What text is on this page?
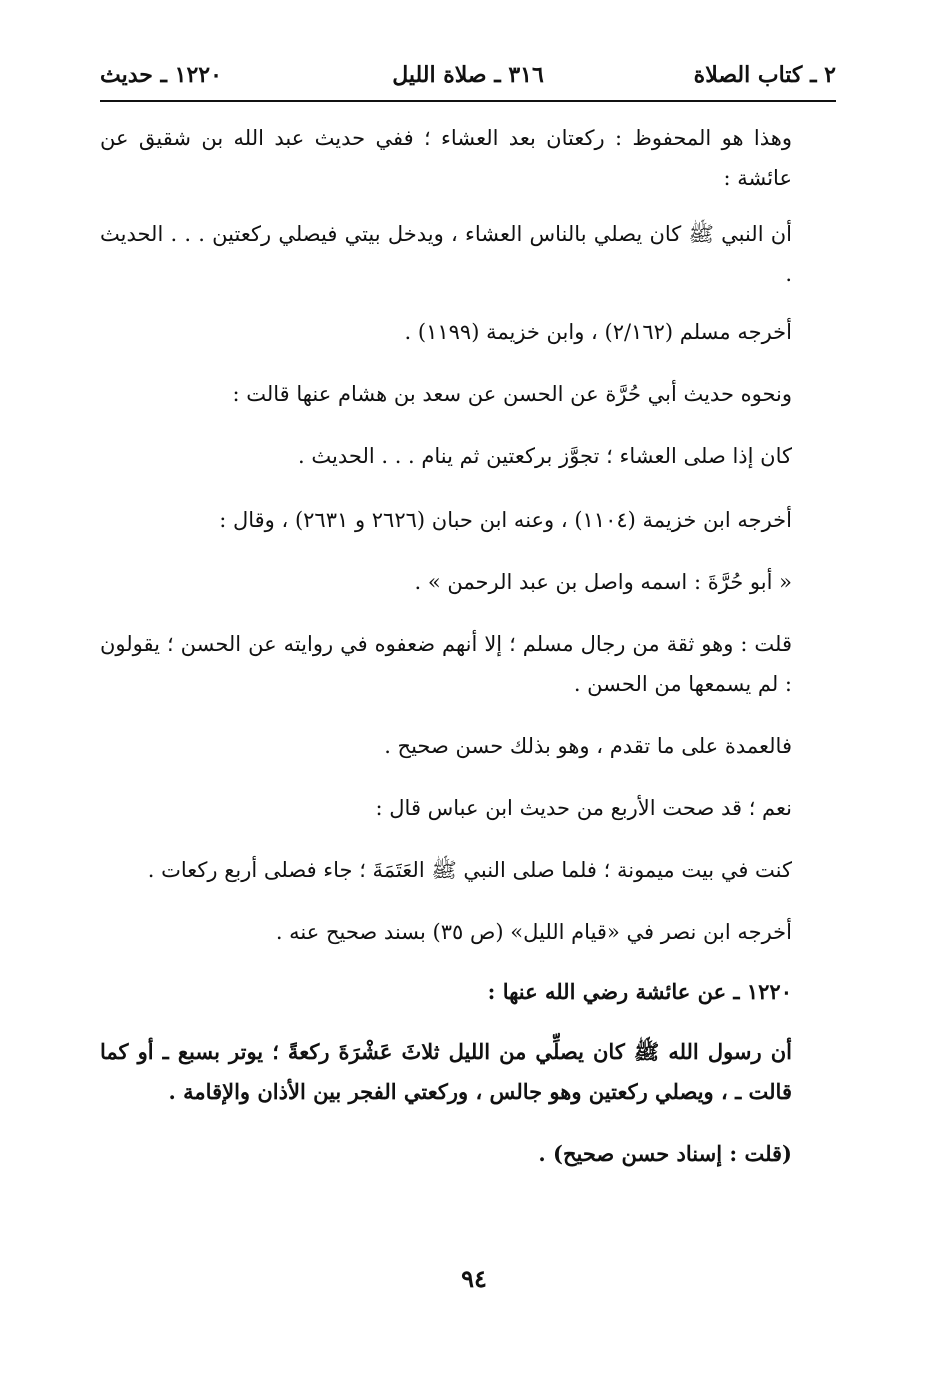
٢ ـ كتاب الصلاة
٣١٦ ـ صلاة الليل
١٢٢٠ ـ حديث

وهذا هو المحفوظ : ركعتان بعد العشاء ؛ ففي حديث عبد الله بن شقيق عن عائشة :

أن النبي ﷺ كان يصلي بالناس العشاء ، ويدخل بيتي فيصلي ركعتين . . . الحديث .

أخرجه مسلم (٢/١٦٢) ، وابن خزيمة (١١٩٩) .

ونحوه حديث أبي حُرَّة عن الحسن عن سعد بن هشام عنها قالت :

كان إذا صلى العشاء ؛ تجوَّز بركعتين ثم ينام . . . الحديث .

أخرجه ابن خزيمة (١١٠٤) ، وعنه ابن حبان (٢٦٢٦ و ٢٦٣١) ، وقال :

« أبو حُرَّةَ : اسمه واصل بن عبد الرحمن » .

قلت : وهو ثقة من رجال مسلم ؛ إلا أنهم ضعفوه في روايته عن الحسن ؛ يقولون : لم يسمعها من الحسن .

فالعمدة على ما تقدم ، وهو بذلك حسن صحيح .

نعم ؛ قد صحت الأربع من حديث ابن عباس قال :

كنت في بيت ميمونة ؛ فلما صلى النبي ﷺ العَتَمَةَ ؛ جاء فصلى أربع ركعات .

أخرجه ابن نصر في «قيام الليل» (ص ٣٥) بسند صحيح عنه .

١٢٢٠ ـ عن عائشة رضي الله عنها :

أن رسول الله ﷺ كان يصلِّي من الليل ثلاثَ عَشْرَةَ ركعةً ؛ يوتر بسبع ـ أو كما قالت ـ ، ويصلي ركعتين وهو جالس ، وركعتي الفجر بين الأذان والإقامة .

(قلت : إسناد حسن صحيح) .

٩٤
